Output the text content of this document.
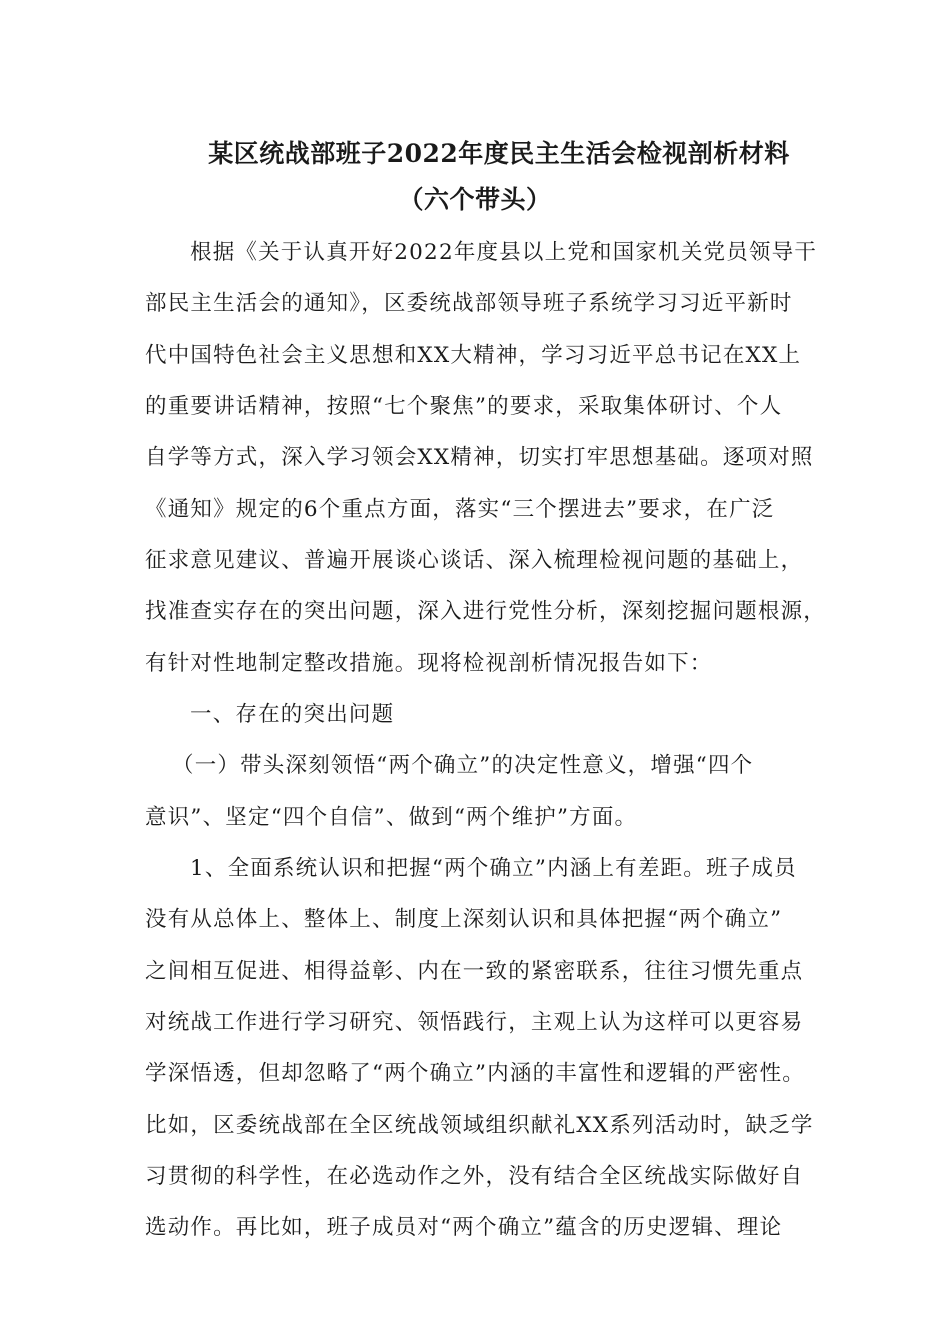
某区统战部班子2022年度民主生活会检视剖析材料
（六个带头）
根据《关于认真开好2022年度县以上党和国家机关党员领导干
部民主生活会的通知》，区委统战部领导班子系统学习习近平新时
代中国特色社会主义思想和XX大精神，学习习近平总书记在XX上
的重要讲话精神，按照“七个聚焦”的要求，采取集体研讨、个人
自学等方式，深入学习领会XX精神，切实打牢思想基础。逐项对照
《通知》规定的6个重点方面，落实“三个摆进去”要求，在广泛
征求意见建议、普遍开展谈心谈话、深入梳理检视问题的基础上，
找准查实存在的突出问题，深入进行党性分析，深刻挖掘问题根源，
有针对性地制定整改措施。现将检视剖析情况报告如下：
一、存在的突出问题
（一）带头深刻领悟“两个确立”的决定性意义，增强“四个
意识”、坚定“四个自信”、做到“两个维护”方面。
1、全面系统认识和把握“两个确立”内涵上有差距。班子成员
没有从总体上、整体上、制度上深刻认识和具体把握“两个确立”
之间相互促进、相得益彰、内在一致的紧密联系，往往习惯先重点
对统战工作进行学习研究、领悟践行，主观上认为这样可以更容易
学深悟透，但却忽略了“两个确立”内涵的丰富性和逻辑的严密性。
比如，区委统战部在全区统战领域组织献礼XX系列活动时，缺乏学
习贯彻的科学性，在必选动作之外，没有结合全区统战实际做好自
选动作。再比如，班子成员对“两个确立”蕴含的历史逻辑、理论
